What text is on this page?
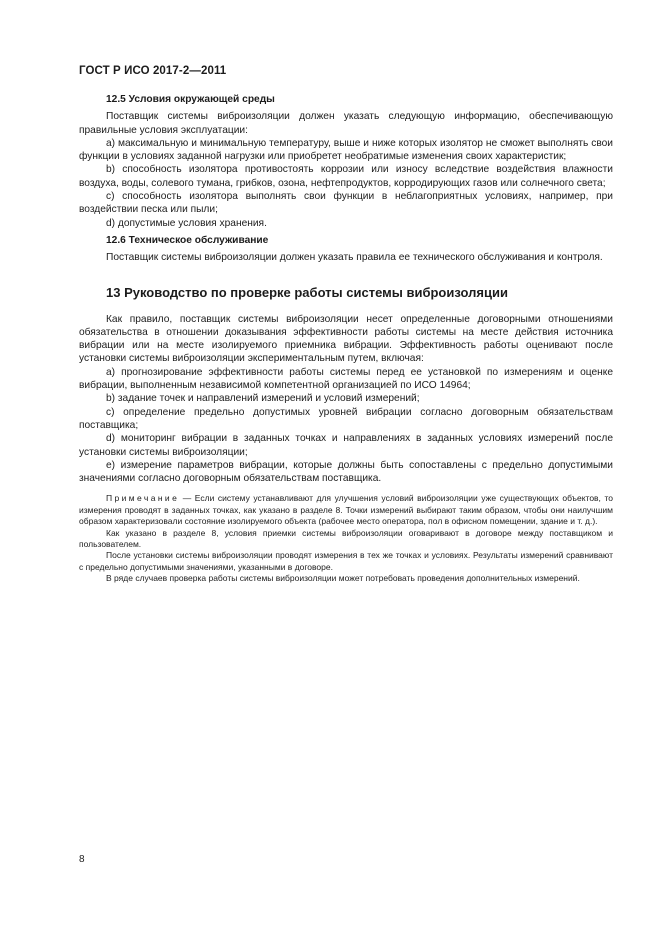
ГОСТ Р ИСО 2017-2—2011
12.5 Условия окружающей среды

Поставщик системы виброизоляции должен указать следующую информацию, обеспечивающую правильные условия эксплуатации:

a) максимальную и минимальную температуру, выше и ниже которых изолятор не сможет выполнять свои функции в условиях заданной нагрузки или приобретет необратимые изменения своих характеристик;

b) способность изолятора противостоять коррозии или износу вследствие воздействия влажности воздуха, воды, солевого тумана, грибков, озона, нефтепродуктов, корродирующих газов или солнечного света;

c) способность изолятора выполнять свои функции в неблагоприятных условиях, например, при воздействии песка или пыли;

d) допустимые условия хранения.

12.6 Техническое обслуживание

Поставщик системы виброизоляции должен указать правила ее технического обслуживания и контроля.

13 Руководство по проверке работы системы виброизоляции

Как правило, поставщик системы виброизоляции несет определенные договорными отношениями обязательства в отношении доказывания эффективности работы системы на месте действия источника вибрации или на месте изолируемого приемника вибрации. Эффективность работы оценивают после установки системы виброизоляции экспериментальным путем, включая:

a) прогнозирование эффективности работы системы перед ее установкой по измерениям и оценке вибрации, выполненным независимой компетентной организацией по ИСО 14964;

b) задание точек и направлений измерений и условий измерений;

c) определение предельно допустимых уровней вибрации согласно договорным обязательствам поставщика;

d) мониторинг вибрации в заданных точках и направлениях в заданных условиях измерений после установки системы виброизоляции;

e) измерение параметров вибрации, которые должны быть сопоставлены с предельно допустимыми значениями согласно договорным обязательствам поставщика.

Примечание — Если систему устанавливают для улучшения условий виброизоляции уже существующих объектов, то измерения проводят в заданных точках, как указано в разделе 8. Точки измерений выбирают таким образом, чтобы они наилучшим образом характеризовали состояние изолируемого объекта (рабочее место оператора, пол в офисном помещении, здание и т. д.).

Как указано в разделе 8, условия приемки системы виброизоляции оговаривают в договоре между поставщиком и пользователем.

После установки системы виброизоляции проводят измерения в тех же точках и условиях. Результаты измерений сравнивают с предельно допустимыми значениями, указанными в договоре.

В ряде случаев проверка работы системы виброизоляции может потребовать проведения дополнительных измерений.

8
